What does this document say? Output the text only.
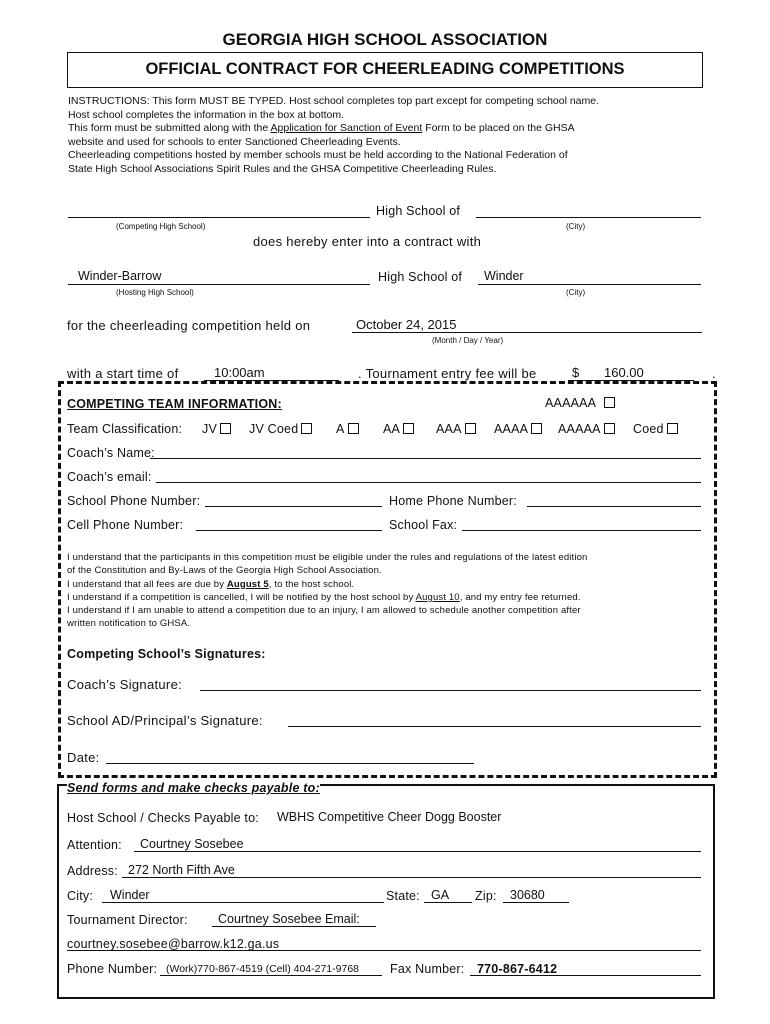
GEORGIA HIGH SCHOOL ASSOCIATION
OFFICIAL CONTRACT FOR CHEERLEADING COMPETITIONS
INSTRUCTIONS: This form MUST BE TYPED. Host school completes top part except for competing school name.
Host school completes the information in the box at bottom.
This form must be submitted along with the Application for Sanction of Event Form to be placed on the GHSA
website and used for schools to enter Sanctioned Cheerleading Events.
Cheerleading competitions hosted by member schools must be held according to the National Federation of
State High School Associations Spirit Rules and the GHSA Competitive Cheerleading Rules.
High School of
(Competing High School)	(City)
does hereby enter into a contract with
Winder-Barrow	High School of Winder
(Hosting High School)	(City)
for the cheerleading competition held on	October 24, 2015
(Month / Day / Year)
with a start time of	10:00am	. Tournament entry fee will be	$ 160.00	.
COMPETING TEAM INFORMATION:	AAAAAA
Team Classification: JV	JV Coed	A	AA	AAA	AAAA	AAAAA	Coed
Coach’s Name:
Coach’s email:
School Phone Number:	Home Phone Number:
Cell Phone Number:	School Fax:
I understand that the participants in this competition must be eligible under the rules and regulations of the latest edition
of the Constitution and By-Laws of the Georgia High School Association.
I understand that all fees are due by August 5, to the host school.
I understand if a competition is cancelled, I will be notified by the host school by August 10, and my entry fee returned.
I understand if I am unable to attend a competition due to an injury, I am allowed to schedule another competition after
written notification to GHSA.
Competing School’s Signatures:
Coach’s Signature:
School AD/Principal’s Signature:
Date:
Send forms and make checks payable to:
Host School / Checks Payable to: WBHS Competitive Cheer Dogg Booster
Attention: Courtney Sosebee
Address: 272 North Fifth Ave
City: Winder	State: GA Zip: 30680
Tournament Director: Courtney Sosebee Email:
courtney.sosebee@barrow.k12.ga.us
Phone Number: (Work)770-867-4519 (Cell) 404-271-9768 Fax Number: 770-867-6412
